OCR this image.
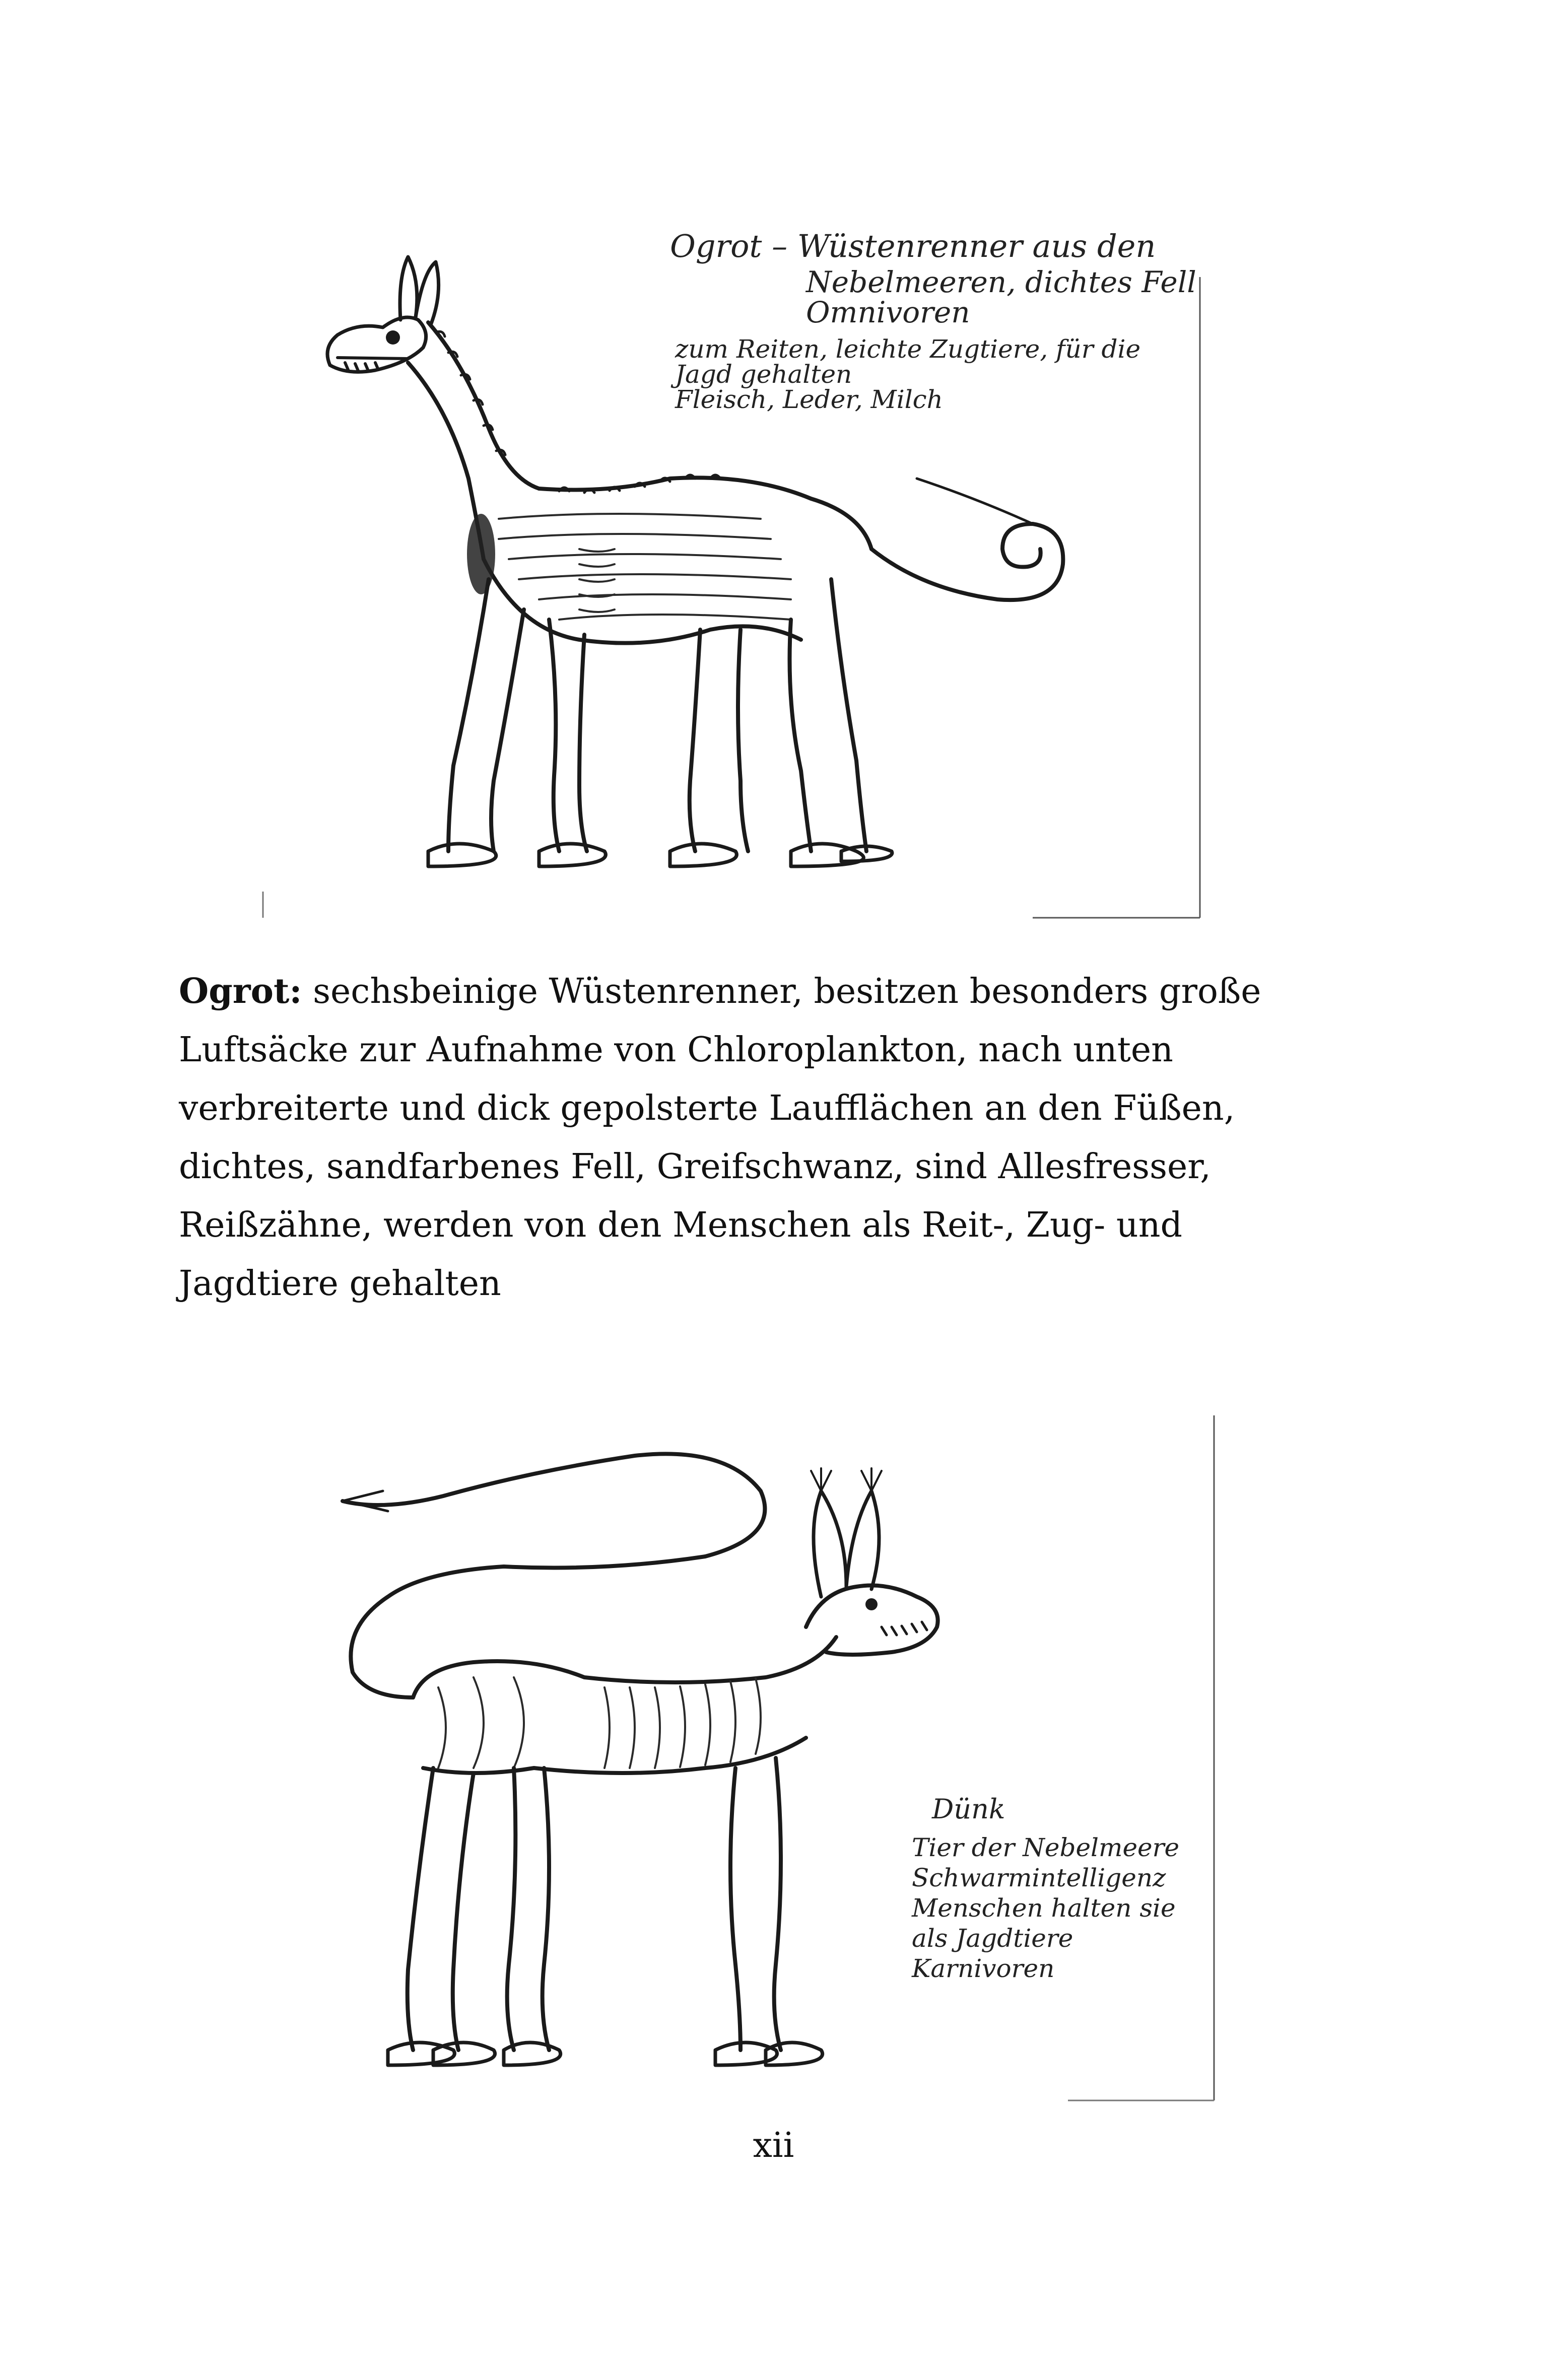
Ogrot – Wüstenrenner aus den
Nebelmeeren, dichtes Fell
Omnivoren
zum Reiten, leichte Zugtiere, für die
Jagd gehalten
Fleisch, Leder, Milch

Ogrot: sechsbeinige Wüstenrenner, besitzen besonders große
Luftsäcke zur Aufnahme von Chloroplankton, nach unten
verbreiterte und dick gepolsterte Laufflächen an den Füßen,
dichtes, sandfarbenes Fell, Greifschwanz, sind Allesfresser,
Reißzähne, werden von den Menschen als Reit-, Zug- und
Jagdtiere gehalten

Dünk
Tier der Nebelmeere
Schwarmintelligenz
Menschen halten sie
als Jagdtiere
Karnivoren
xii
